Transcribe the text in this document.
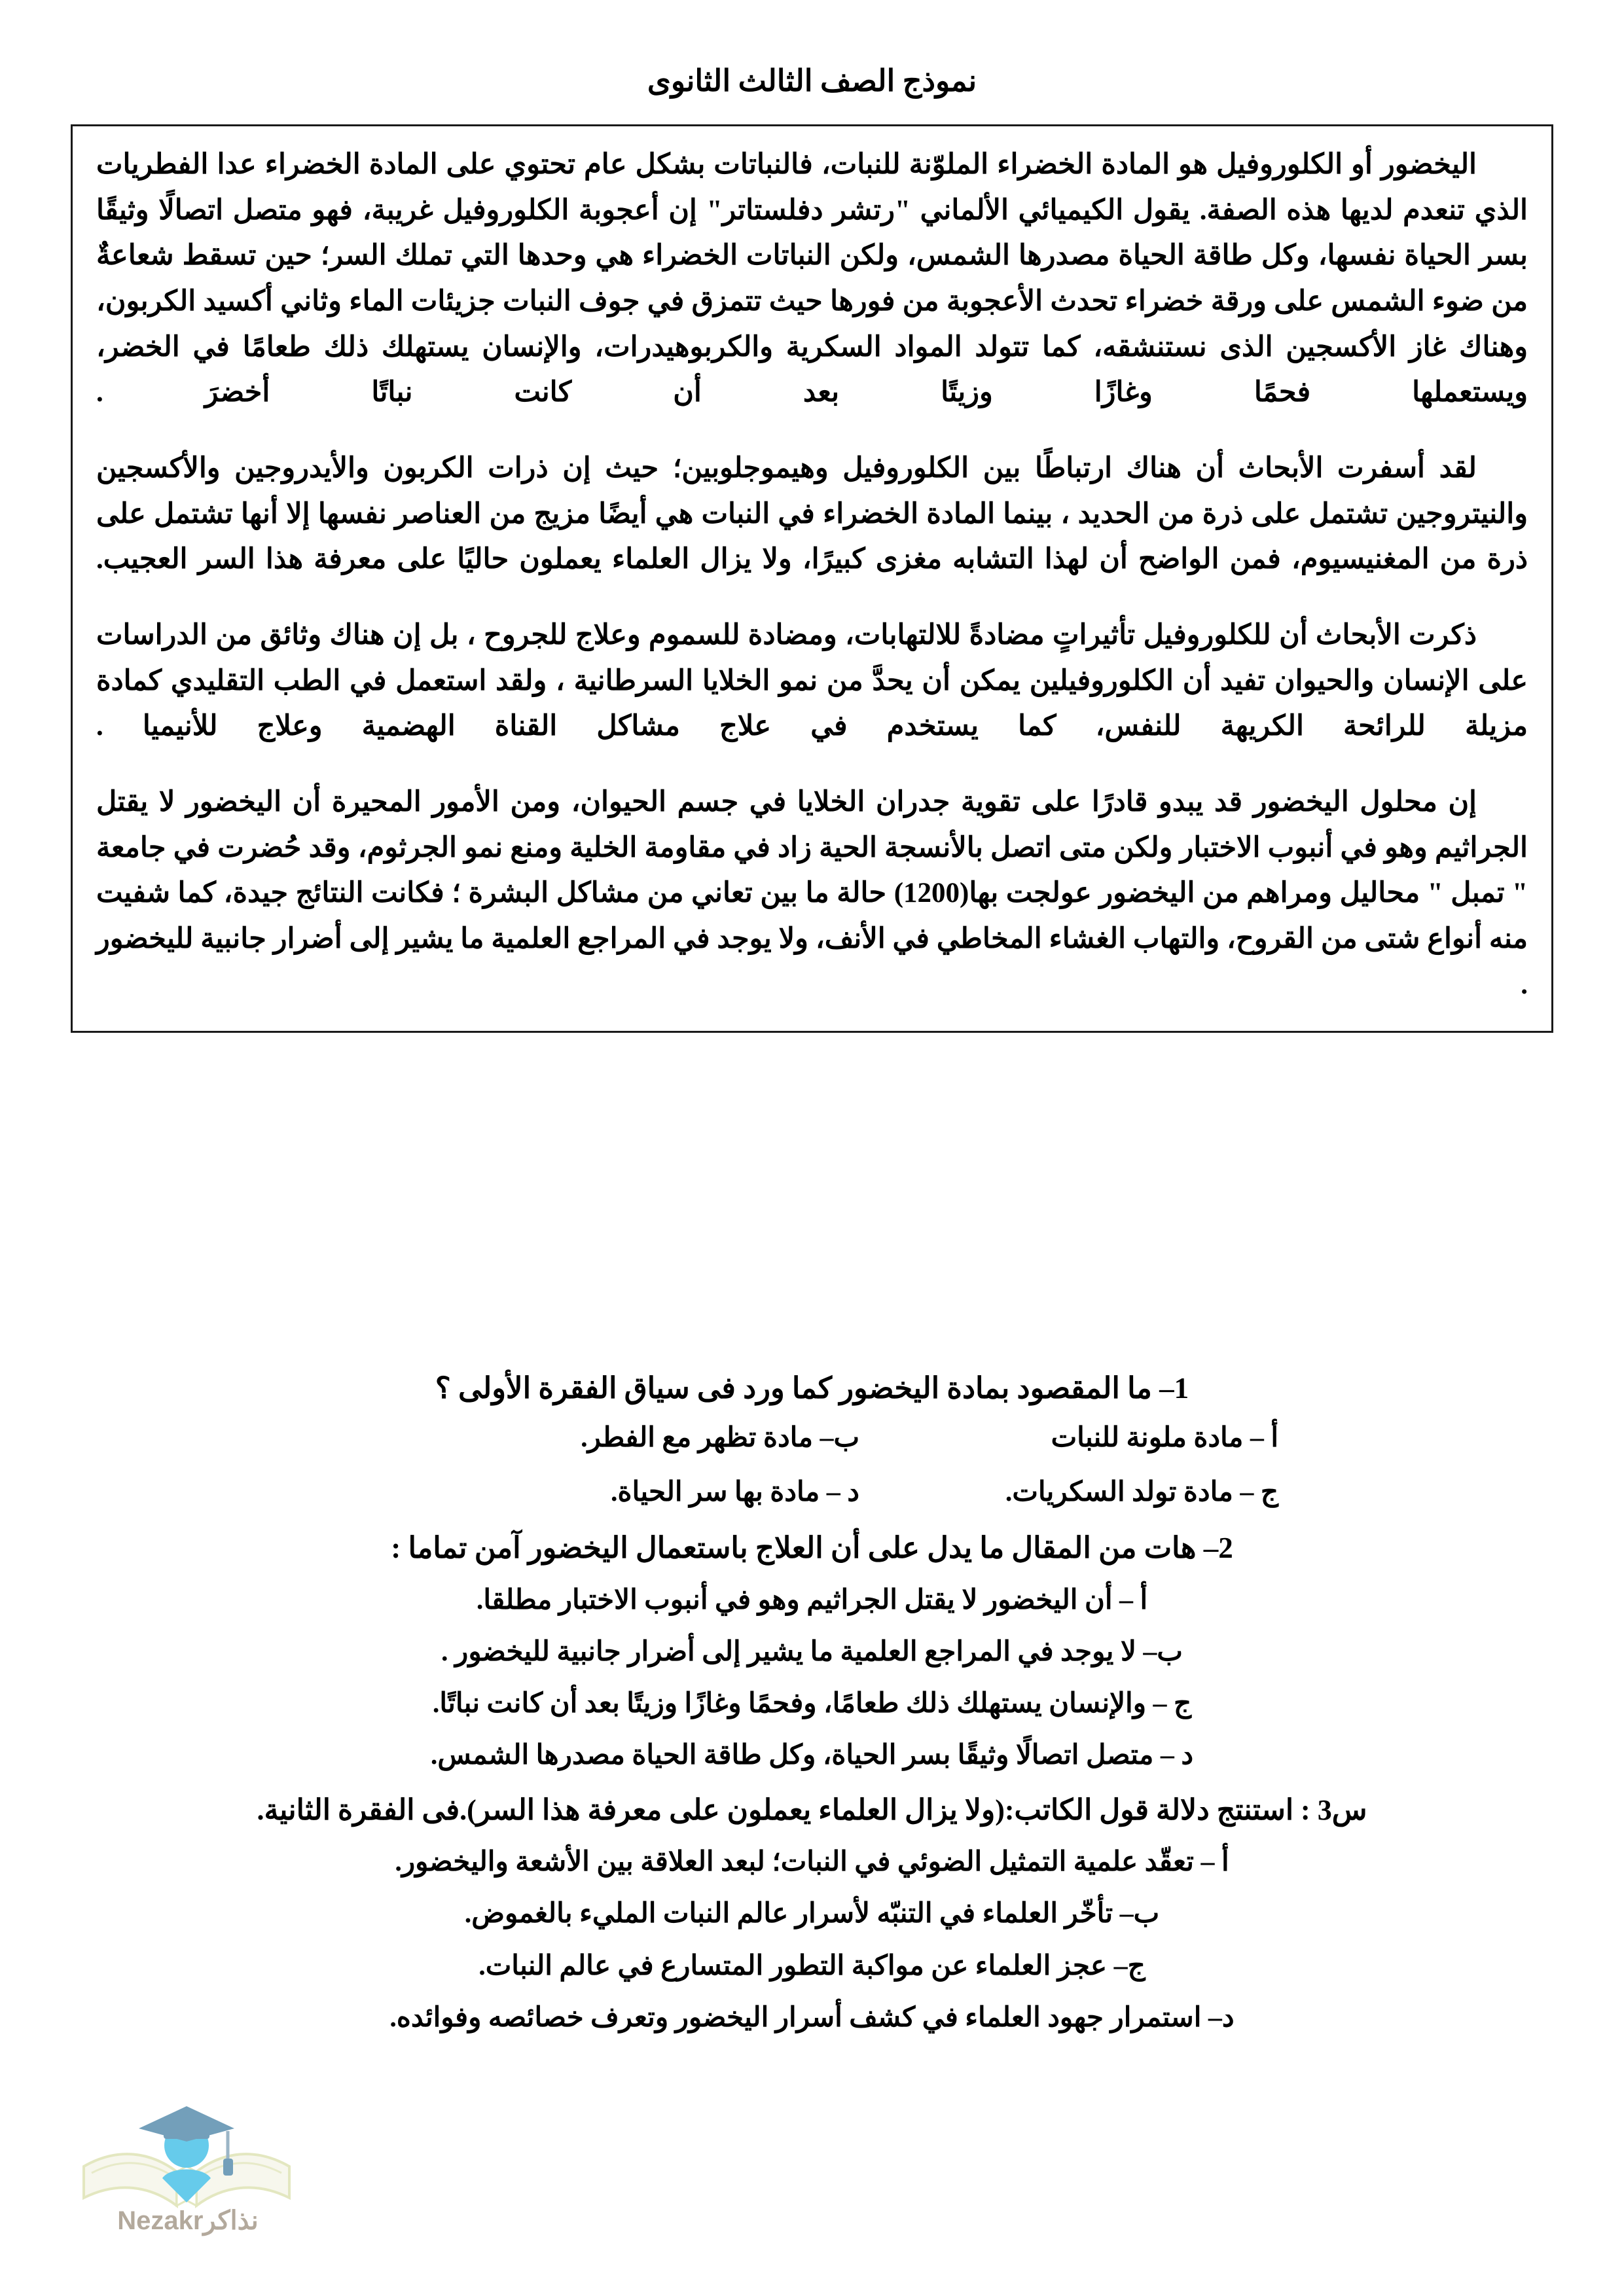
نموذج الصف الثالث الثانوى

اليخضور أو الكلوروفيل هو المادة الخضراء الملوّنة للنبات، فالنباتات بشكل عام تحتوي على المادة الخضراء عدا الفطريات الذي تنعدم لديها هذه الصفة. يقول الكيميائي الألماني "رتشر دفلستاتر" إن أعجوبة الكلوروفيل غريبة، فهو متصل اتصالًا وثيقًا بسر الحياة نفسها، وكل طاقة الحياة مصدرها الشمس، ولكن النباتات الخضراء هي وحدها التي تملك السر؛ حين تسقط شعاعةٌ من ضوء الشمس على ورقة خضراء تحدث الأعجوبة من فورها حيث تتمزق في جوف النبات جزيئات الماء وثاني أكسيد الكربون، وهناك غاز الأكسجين الذى نستنشقه، كما تتولد المواد السكرية والكربوهيدرات، والإنسان يستهلك ذلك طعامًا في الخضر، ويستعملها فحمًا وغازًا وزيتًا بعد أن كانت نباتًا أخضرَ .

لقد أسفرت الأبحاث أن هناك ارتباطًا بين الكلوروفيل وهيموجلوبين؛ حيث إن ذرات الكربون والأيدروجين والأكسجين والنيتروجين تشتمل على ذرة من الحديد ، بينما المادة الخضراء في النبات هي أيضًا مزيج من العناصر نفسها إلا أنها تشتمل على ذرة من المغنيسيوم، فمن الواضح أن لهذا التشابه مغزى كبيرًا، ولا يزال العلماء يعملون حاليًا على معرفة هذا السر العجيب.

ذكرت الأبحاث أن للكلوروفيل تأثيراتٍ مضادةً للالتهابات، ومضادة للسموم وعلاج للجروح ، بل إن هناك وثائق من الدراسات على الإنسان والحيوان تفيد أن الكلوروفيلين يمكن أن يحدَّ من نمو الخلايا السرطانية ، ولقد استعمل في الطب التقليدي كمادة مزيلة للرائحة الكريهة للنفس، كما يستخدم في علاج مشاكل القناة الهضمية وعلاج للأنيميا .

إن محلول اليخضور قد يبدو قادرًا على تقوية جدران الخلايا في جسم الحيوان، ومن الأمور المحيرة أن اليخضور لا يقتل الجراثيم وهو في أنبوب الاختبار ولكن متى اتصل بالأنسجة الحية زاد في مقاومة الخلية ومنع نمو الجرثوم، وقد حُضرت في جامعة " تمبل " محاليل ومراهم من اليخضور عولجت بها(1200) حالة ما بين تعاني من مشاكل البشرة ؛ فكانت النتائج جيدة، كما شفيت منه أنواع شتى من القروح، والتهاب الغشاء المخاطي في الأنف، ولا يوجد في المراجع العلمية ما يشير إلى أضرار جانبية لليخضور .

1– ما المقصود بمادة اليخضور كما ورد فى سياق الفقرة الأولى ؟
أ – مادة ملونة للنبات
ب– مادة تظهر مع الفطر.
ج – مادة تولد السكريات.
د – مادة بها سر الحياة.
2– هات من المقال ما يدل على أن العلاج باستعمال اليخضور آمن تماما :
أ – أن اليخضور لا يقتل الجراثيم وهو في أنبوب الاختبار مطلقا.
ب– لا يوجد في المراجع العلمية ما يشير إلى أضرار جانبية لليخضور .
ج – والإنسان يستهلك ذلك طعامًا، وفحمًا وغازًا وزيتًا بعد أن كانت نباتًا.
د – متصل اتصالًا وثيقًا بسر الحياة، وكل طاقة الحياة مصدرها الشمس.
س3 : استنتج دلالة قول الكاتب:(ولا يزال العلماء يعملون على معرفة هذا السر).فى الفقرة الثانية.
أ – تعقّد علمية التمثيل الضوئي في النبات؛ لبعد العلاقة بين الأشعة واليخضور.
ب– تأخّر العلماء في التنبّه لأسرار عالم النبات المليء بالغموض.
ج– عجز العلماء عن مواكبة التطور المتسارع في عالم النبات.
د– استمرار جهود العلماء في كشف أسرار اليخضور وتعرف خصائصه وفوائده.
نذاكرNezakr
